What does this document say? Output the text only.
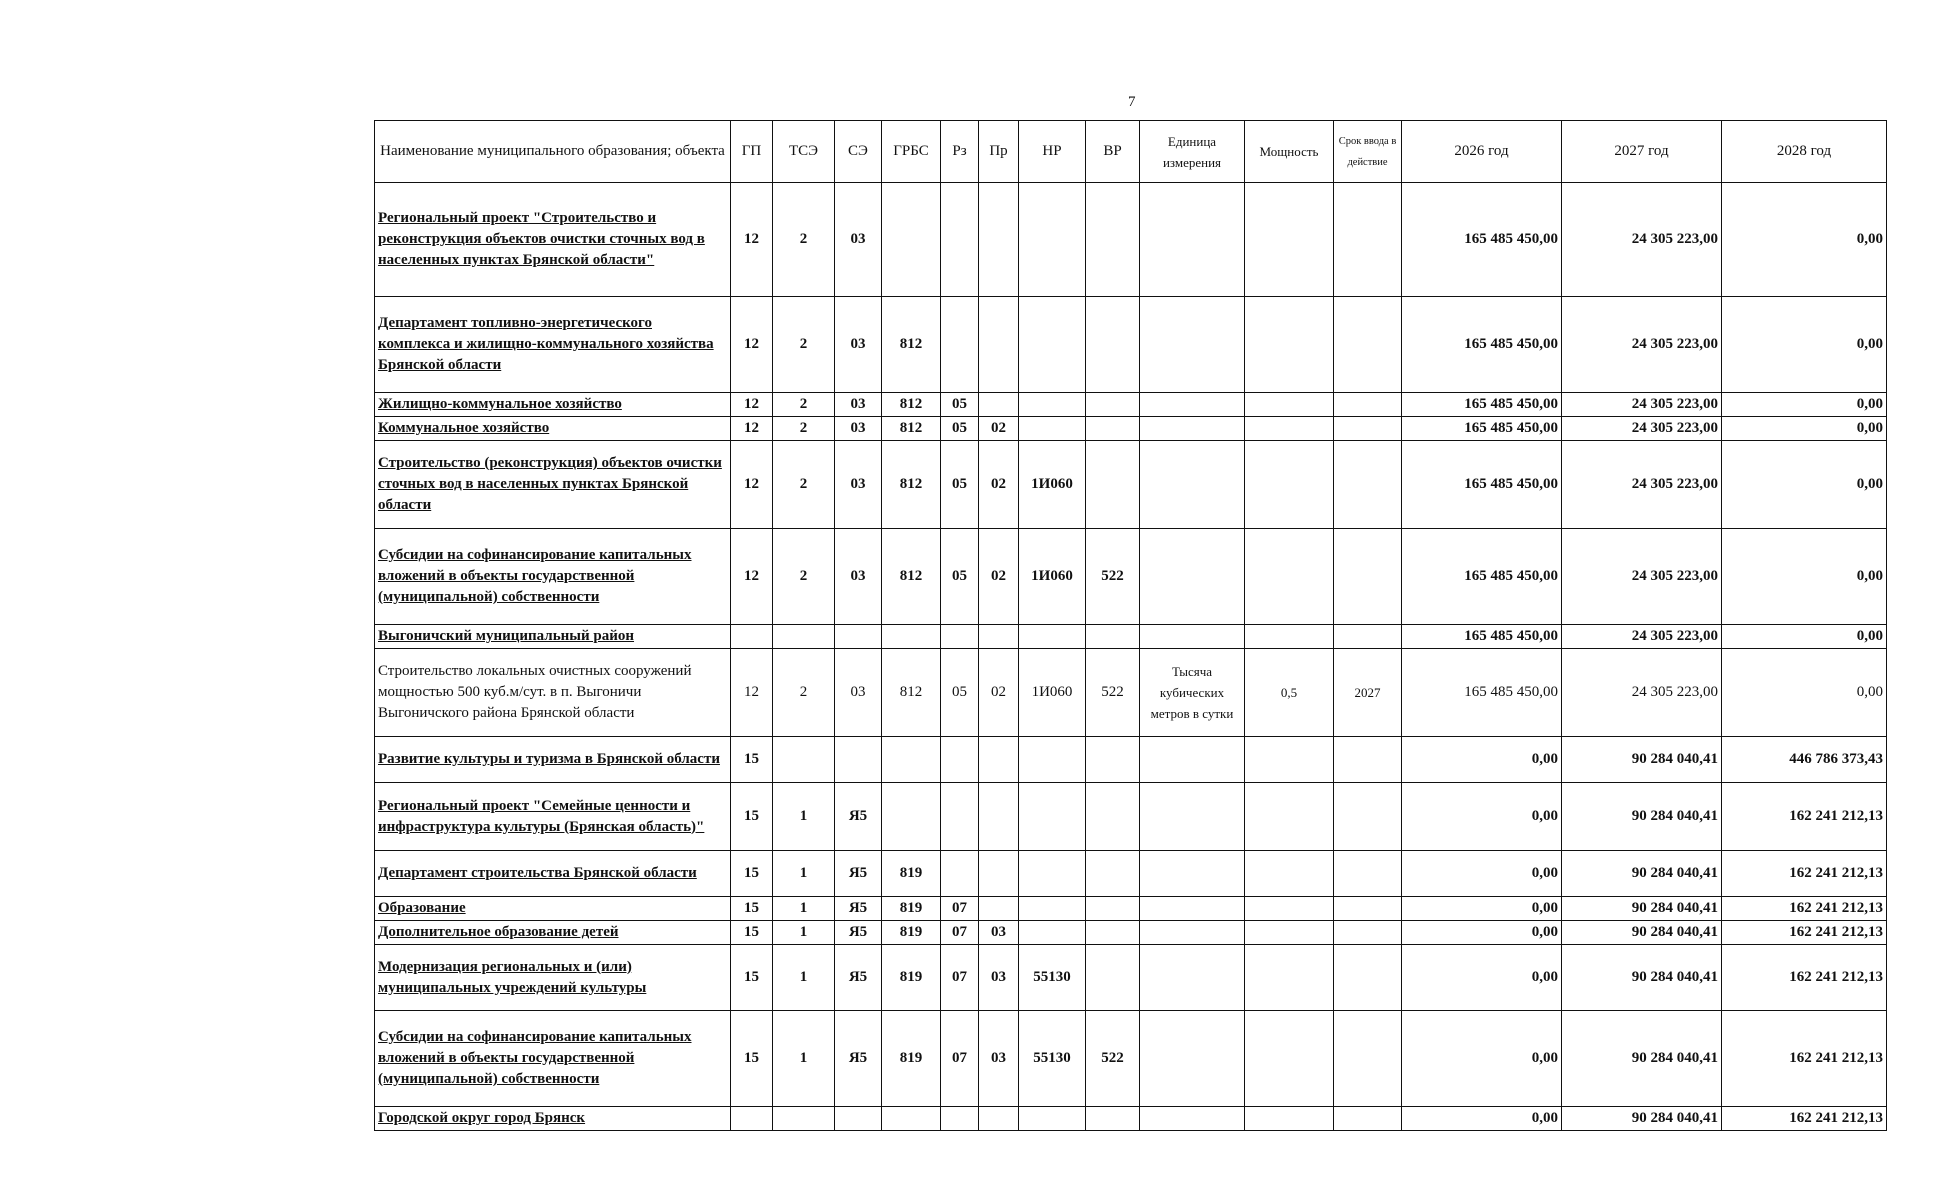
7
Наименование муниципального образования; объекта	ГП	ТСЭ	СЭ	ГРБС	Рз	Пр	НР	ВР	Единица измерения	Мощность	Срок ввода в действие	2026 год	2027 год	2028 год
Региональный проект "Строительство и реконструкция объектов очистки сточных вод в населенных пунктах Брянской области"	12	2	03									165 485 450,00	24 305 223,00	0,00
Департамент топливно-энергетического комплекса и жилищно-коммунального хозяйства Брянской области	12	2	03	812								165 485 450,00	24 305 223,00	0,00
Жилищно-коммунальное хозяйство	12	2	03	812	05							165 485 450,00	24 305 223,00	0,00
Коммунальное хозяйство	12	2	03	812	05	02						165 485 450,00	24 305 223,00	0,00
Строительство (реконструкция) объектов очистки сточных вод в населенных пунктах Брянской области	12	2	03	812	05	02	1И060					165 485 450,00	24 305 223,00	0,00
Субсидии на софинансирование капитальных вложений в объекты государственной (муниципальной) собственности	12	2	03	812	05	02	1И060	522				165 485 450,00	24 305 223,00	0,00
Выгоничский муниципальный район												165 485 450,00	24 305 223,00	0,00
Строительство локальных очистных сооружений мощностью 500 куб.м/сут. в п. Выгоничи Выгоничского района Брянской области	12	2	03	812	05	02	1И060	522	Тысяча кубических метров в сутки	0,5	2027	165 485 450,00	24 305 223,00	0,00
Развитие культуры и туризма в Брянской области	15											0,00	90 284 040,41	446 786 373,43
Региональный проект "Семейные ценности и инфраструктура культуры (Брянская область)"	15	1	Я5									0,00	90 284 040,41	162 241 212,13
Департамент строительства Брянской области	15	1	Я5	819								0,00	90 284 040,41	162 241 212,13
Образование	15	1	Я5	819	07							0,00	90 284 040,41	162 241 212,13
Дополнительное образование детей	15	1	Я5	819	07	03						0,00	90 284 040,41	162 241 212,13
Модернизация региональных и (или) муниципальных учреждений культуры	15	1	Я5	819	07	03	55130					0,00	90 284 040,41	162 241 212,13
Субсидии на софинансирование капитальных вложений в объекты государственной (муниципальной) собственности	15	1	Я5	819	07	03	55130	522				0,00	90 284 040,41	162 241 212,13
Городской округ город Брянск												0,00	90 284 040,41	162 241 212,13
